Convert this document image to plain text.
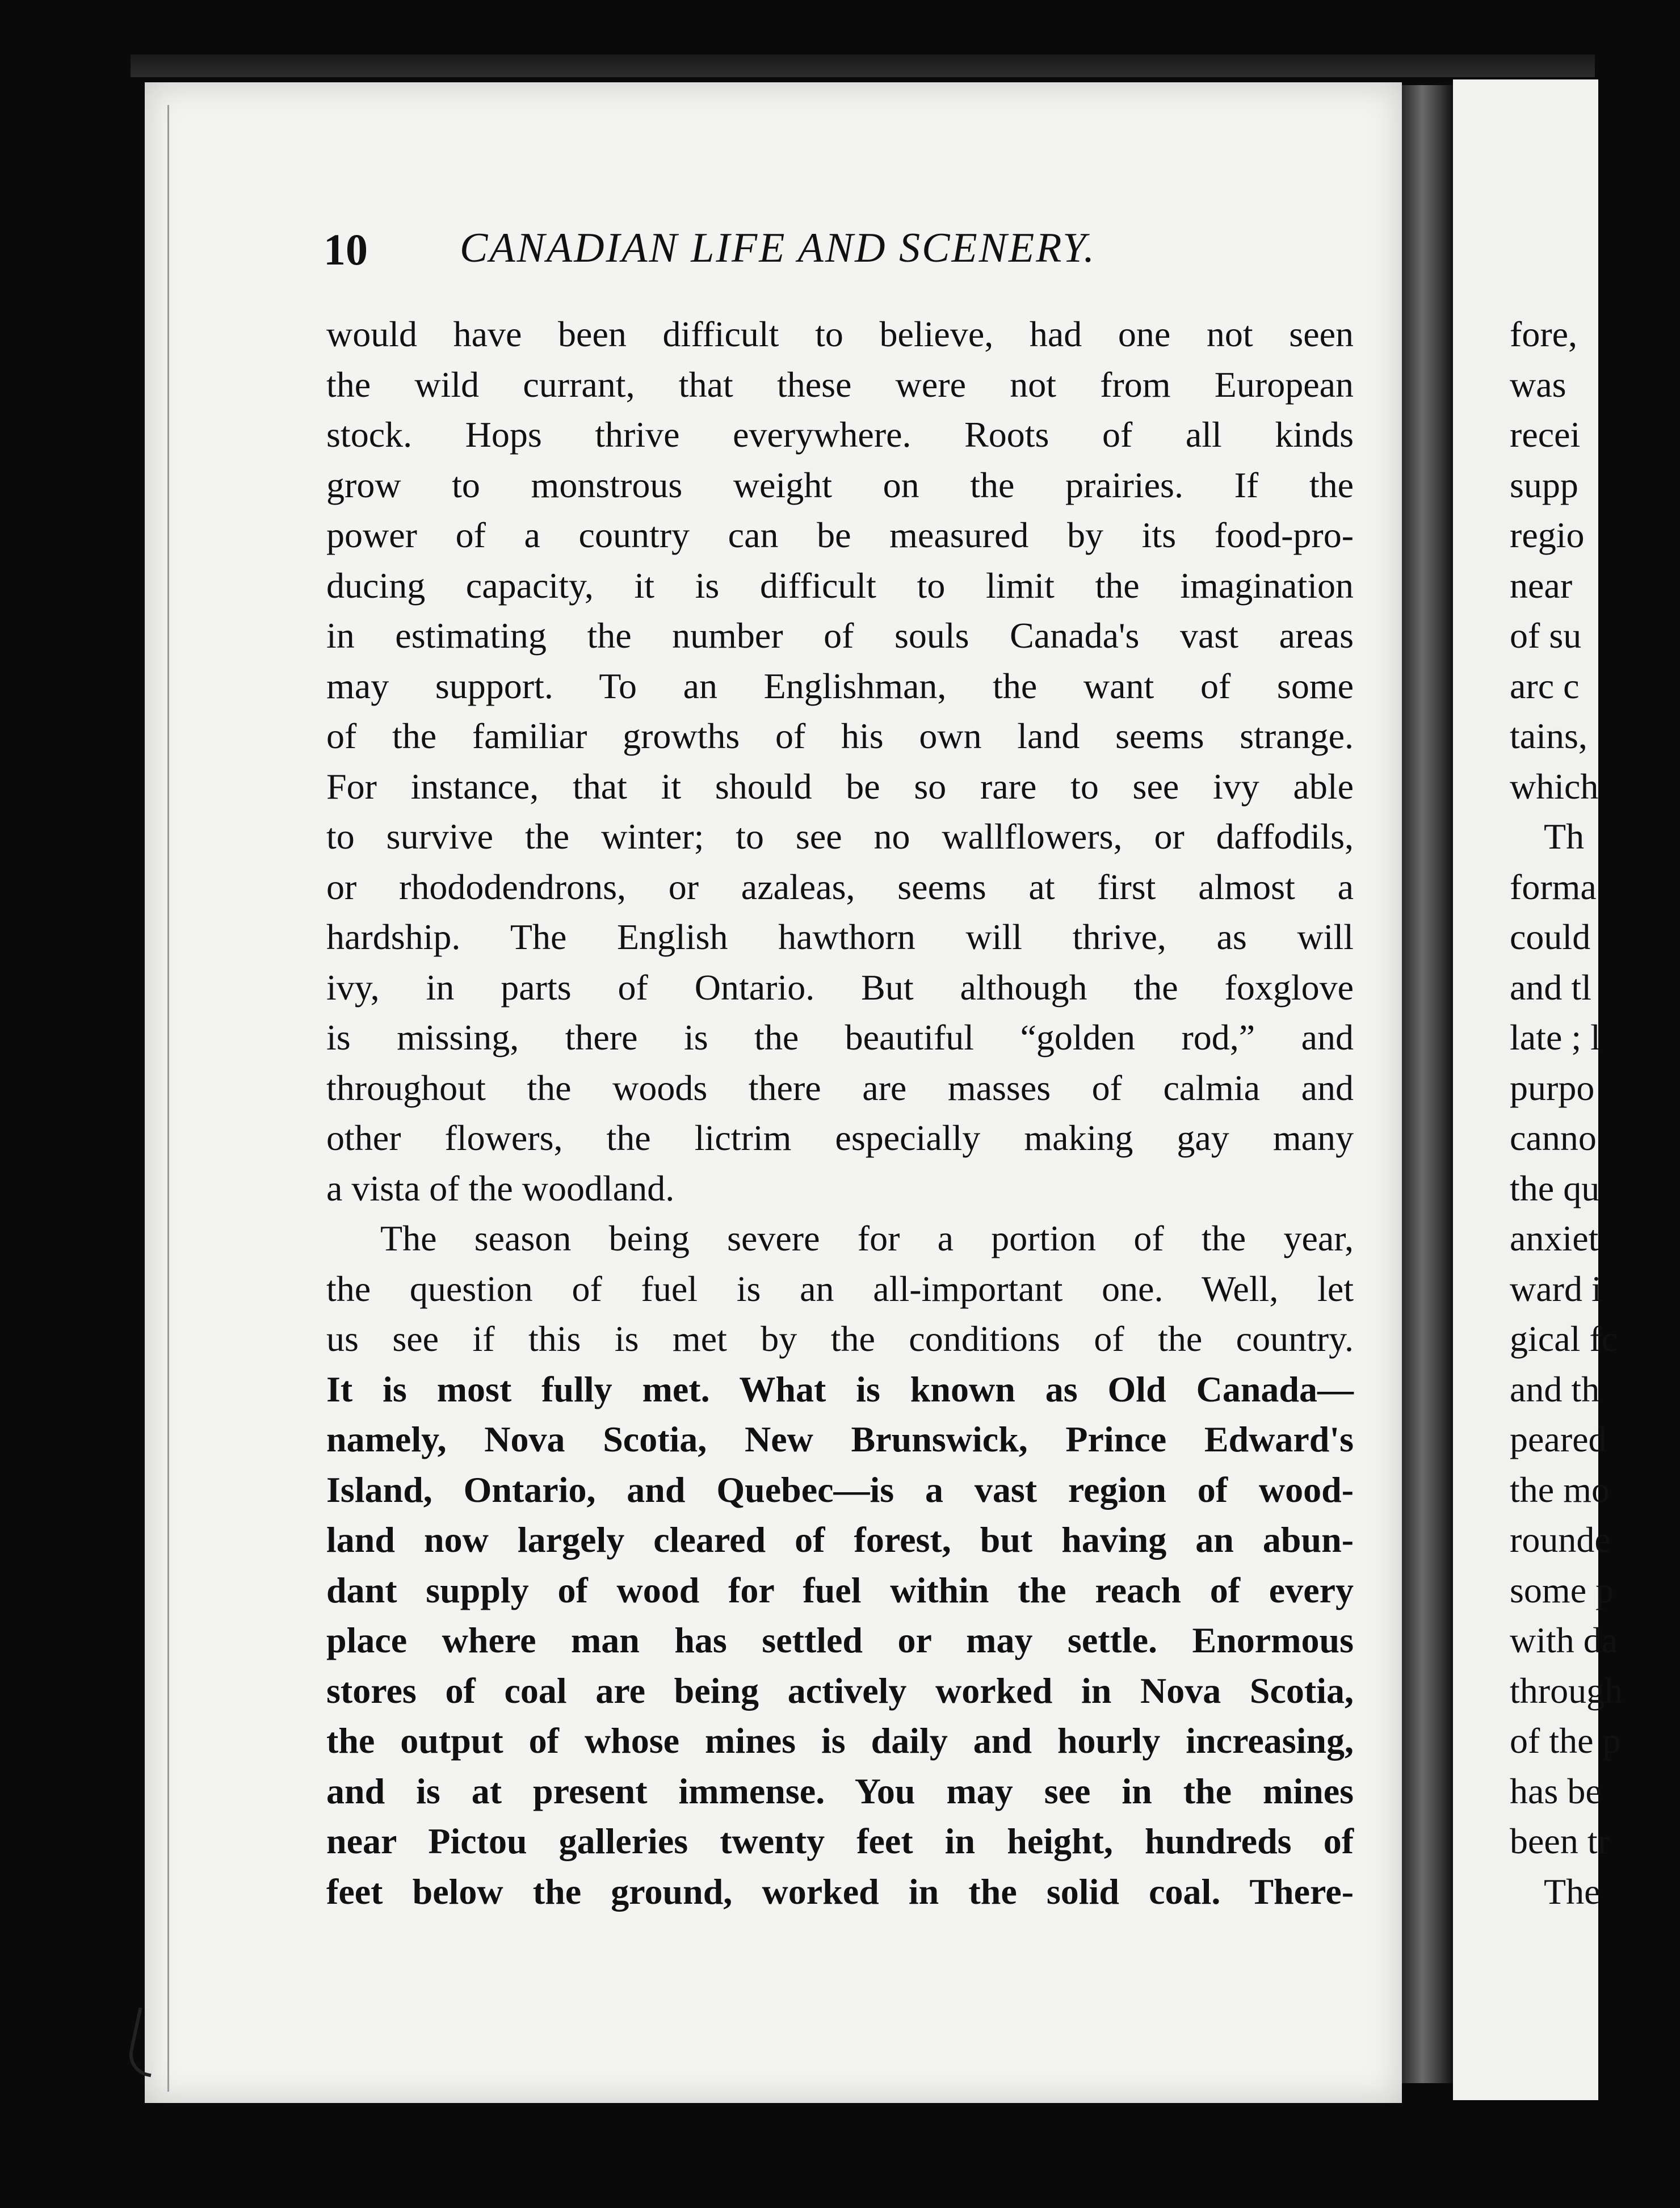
fore,
was
recei
supp
regio
near
of su
arc c
tains,
which
Th
forma
could
and tl
late ; l
purpo
canno
the qu
anxiet
ward i
gical fc
and th
peared
the mo
rounde
some p
with da
through
of the p
has be
been tr
The
10 CANADIAN LIFE AND SCENERY.
would have been difficult to believe, had one not seen
the wild currant, that these were not from European
stock. Hops thrive everywhere. Roots of all kinds
grow to monstrous weight on the prairies. If the
power of a country can be measured by its food-pro-
ducing capacity, it is difficult to limit the imagination
in estimating the number of souls Canada's vast areas
may support. To an Englishman, the want of some
of the familiar growths of his own land seems strange.
For instance, that it should be so rare to see ivy able
to survive the winter; to see no wallflowers, or daffodils,
or rhododendrons, or azaleas, seems at first almost a
hardship. The English hawthorn will thrive, as will
ivy, in parts of Ontario. But although the foxglove
is missing, there is the beautiful “golden rod,” and
throughout the woods there are masses of calmia and
other flowers, the lictrim especially making gay many
a vista of the woodland.
The season being severe for a portion of the year,
the question of fuel is an all-important one. Well, let
us see if this is met by the conditions of the country.
It is most fully met. What is known as Old Canada—
namely, Nova Scotia, New Brunswick, Prince Edward's
Island, Ontario, and Quebec—is a vast region of wood-
land now largely cleared of forest, but having an abun-
dant supply of wood for fuel within the reach of every
place where man has settled or may settle. Enormous
stores of coal are being actively worked in Nova Scotia,
the output of whose mines is daily and hourly increasing,
and is at present immense. You may see in the mines
near Pictou galleries twenty feet in height, hundreds of
feet below the ground, worked in the solid coal. There-
